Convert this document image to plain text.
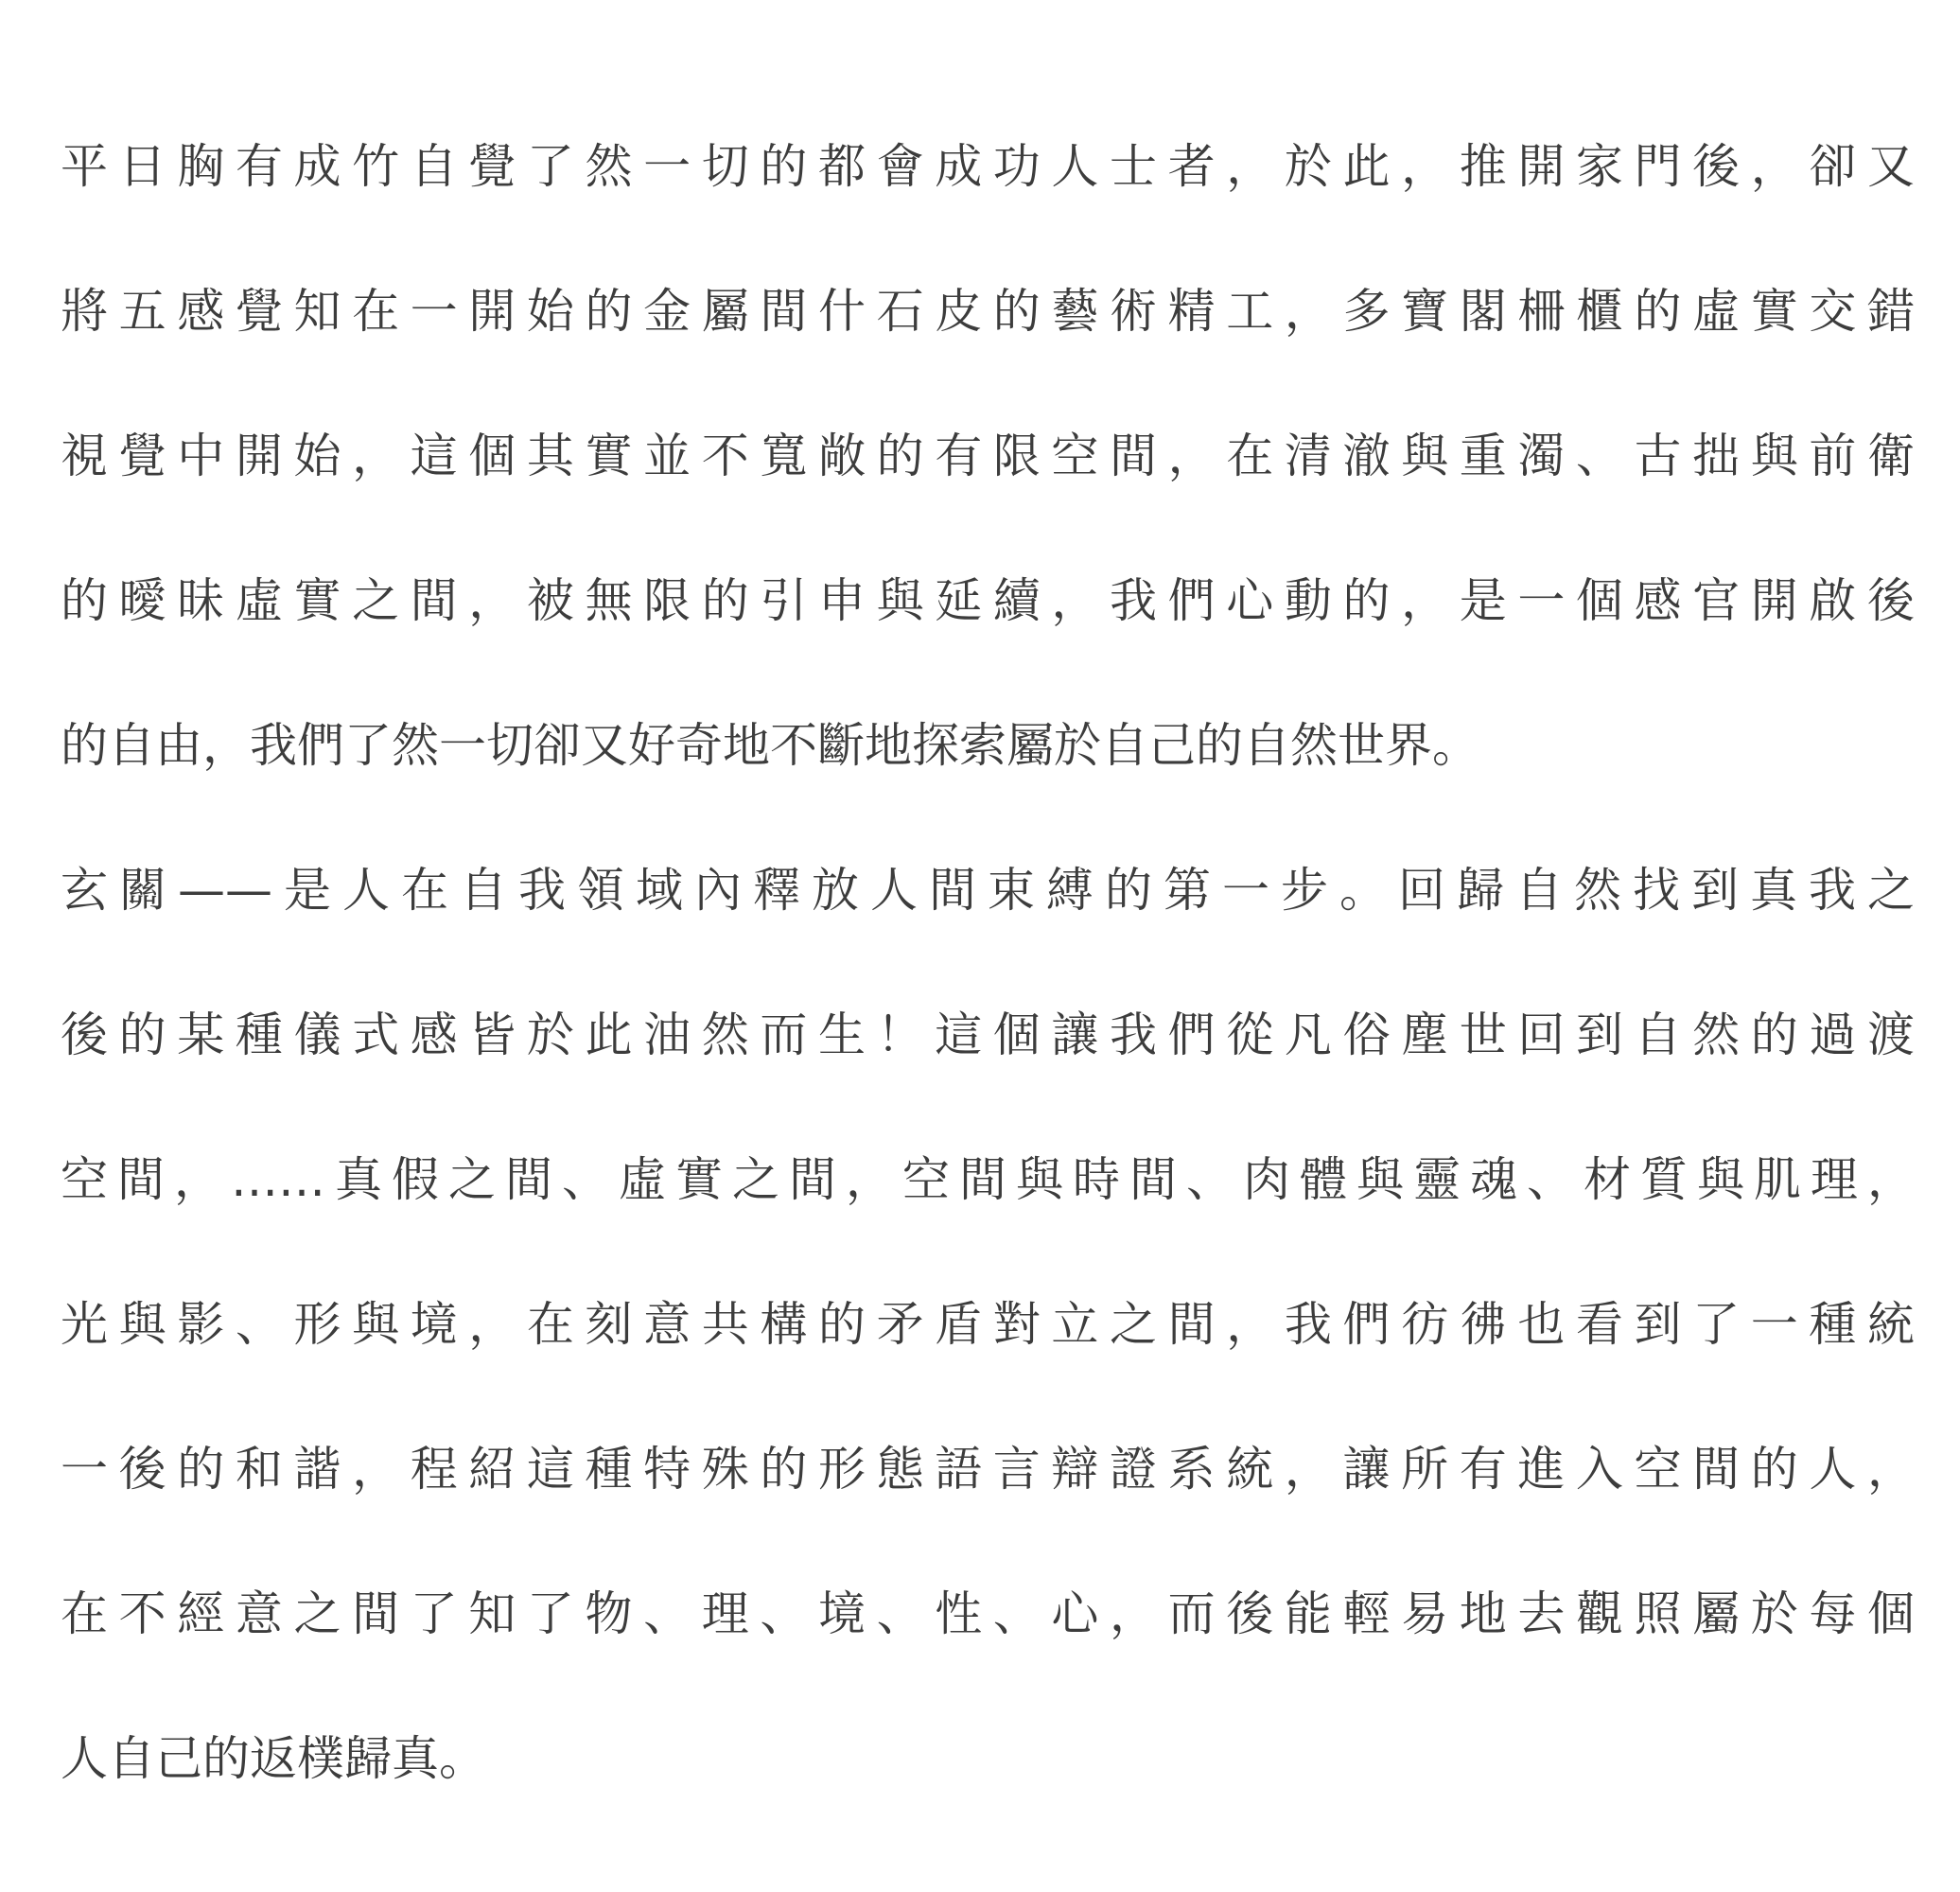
平日胸有成竹自覺了然一切的都會成功人士者，於此，推開家門後，卻又
將五感覺知在一開始的金屬間什石皮的藝術精工，多寶閣柵櫃的虛實交錯
視覺中開始，這個其實並不寬敞的有限空間，在清澈與重濁、古拙與前衛
的曖昧虛實之間，被無限的引申與延續，我們心動的，是一個感官開啟後
的自由，我們了然一切卻又好奇地不斷地探索屬於自己的自然世界。
玄關——是人在自我領域內釋放人間束縛的第一步。回歸自然找到真我之
後的某種儀式感皆於此油然而生！這個讓我們從凡俗塵世回到自然的過渡
空間，……真假之間、虛實之間，空間與時間、肉體與靈魂、材質與肌理，
光與影、形與境，在刻意共構的矛盾對立之間，我們彷彿也看到了一種統
一後的和諧，程紹這種特殊的形態語言辯證系統，讓所有進入空間的人，
在不經意之間了知了物、理、境、性、心，而後能輕易地去觀照屬於每個
人自己的返樸歸真。
